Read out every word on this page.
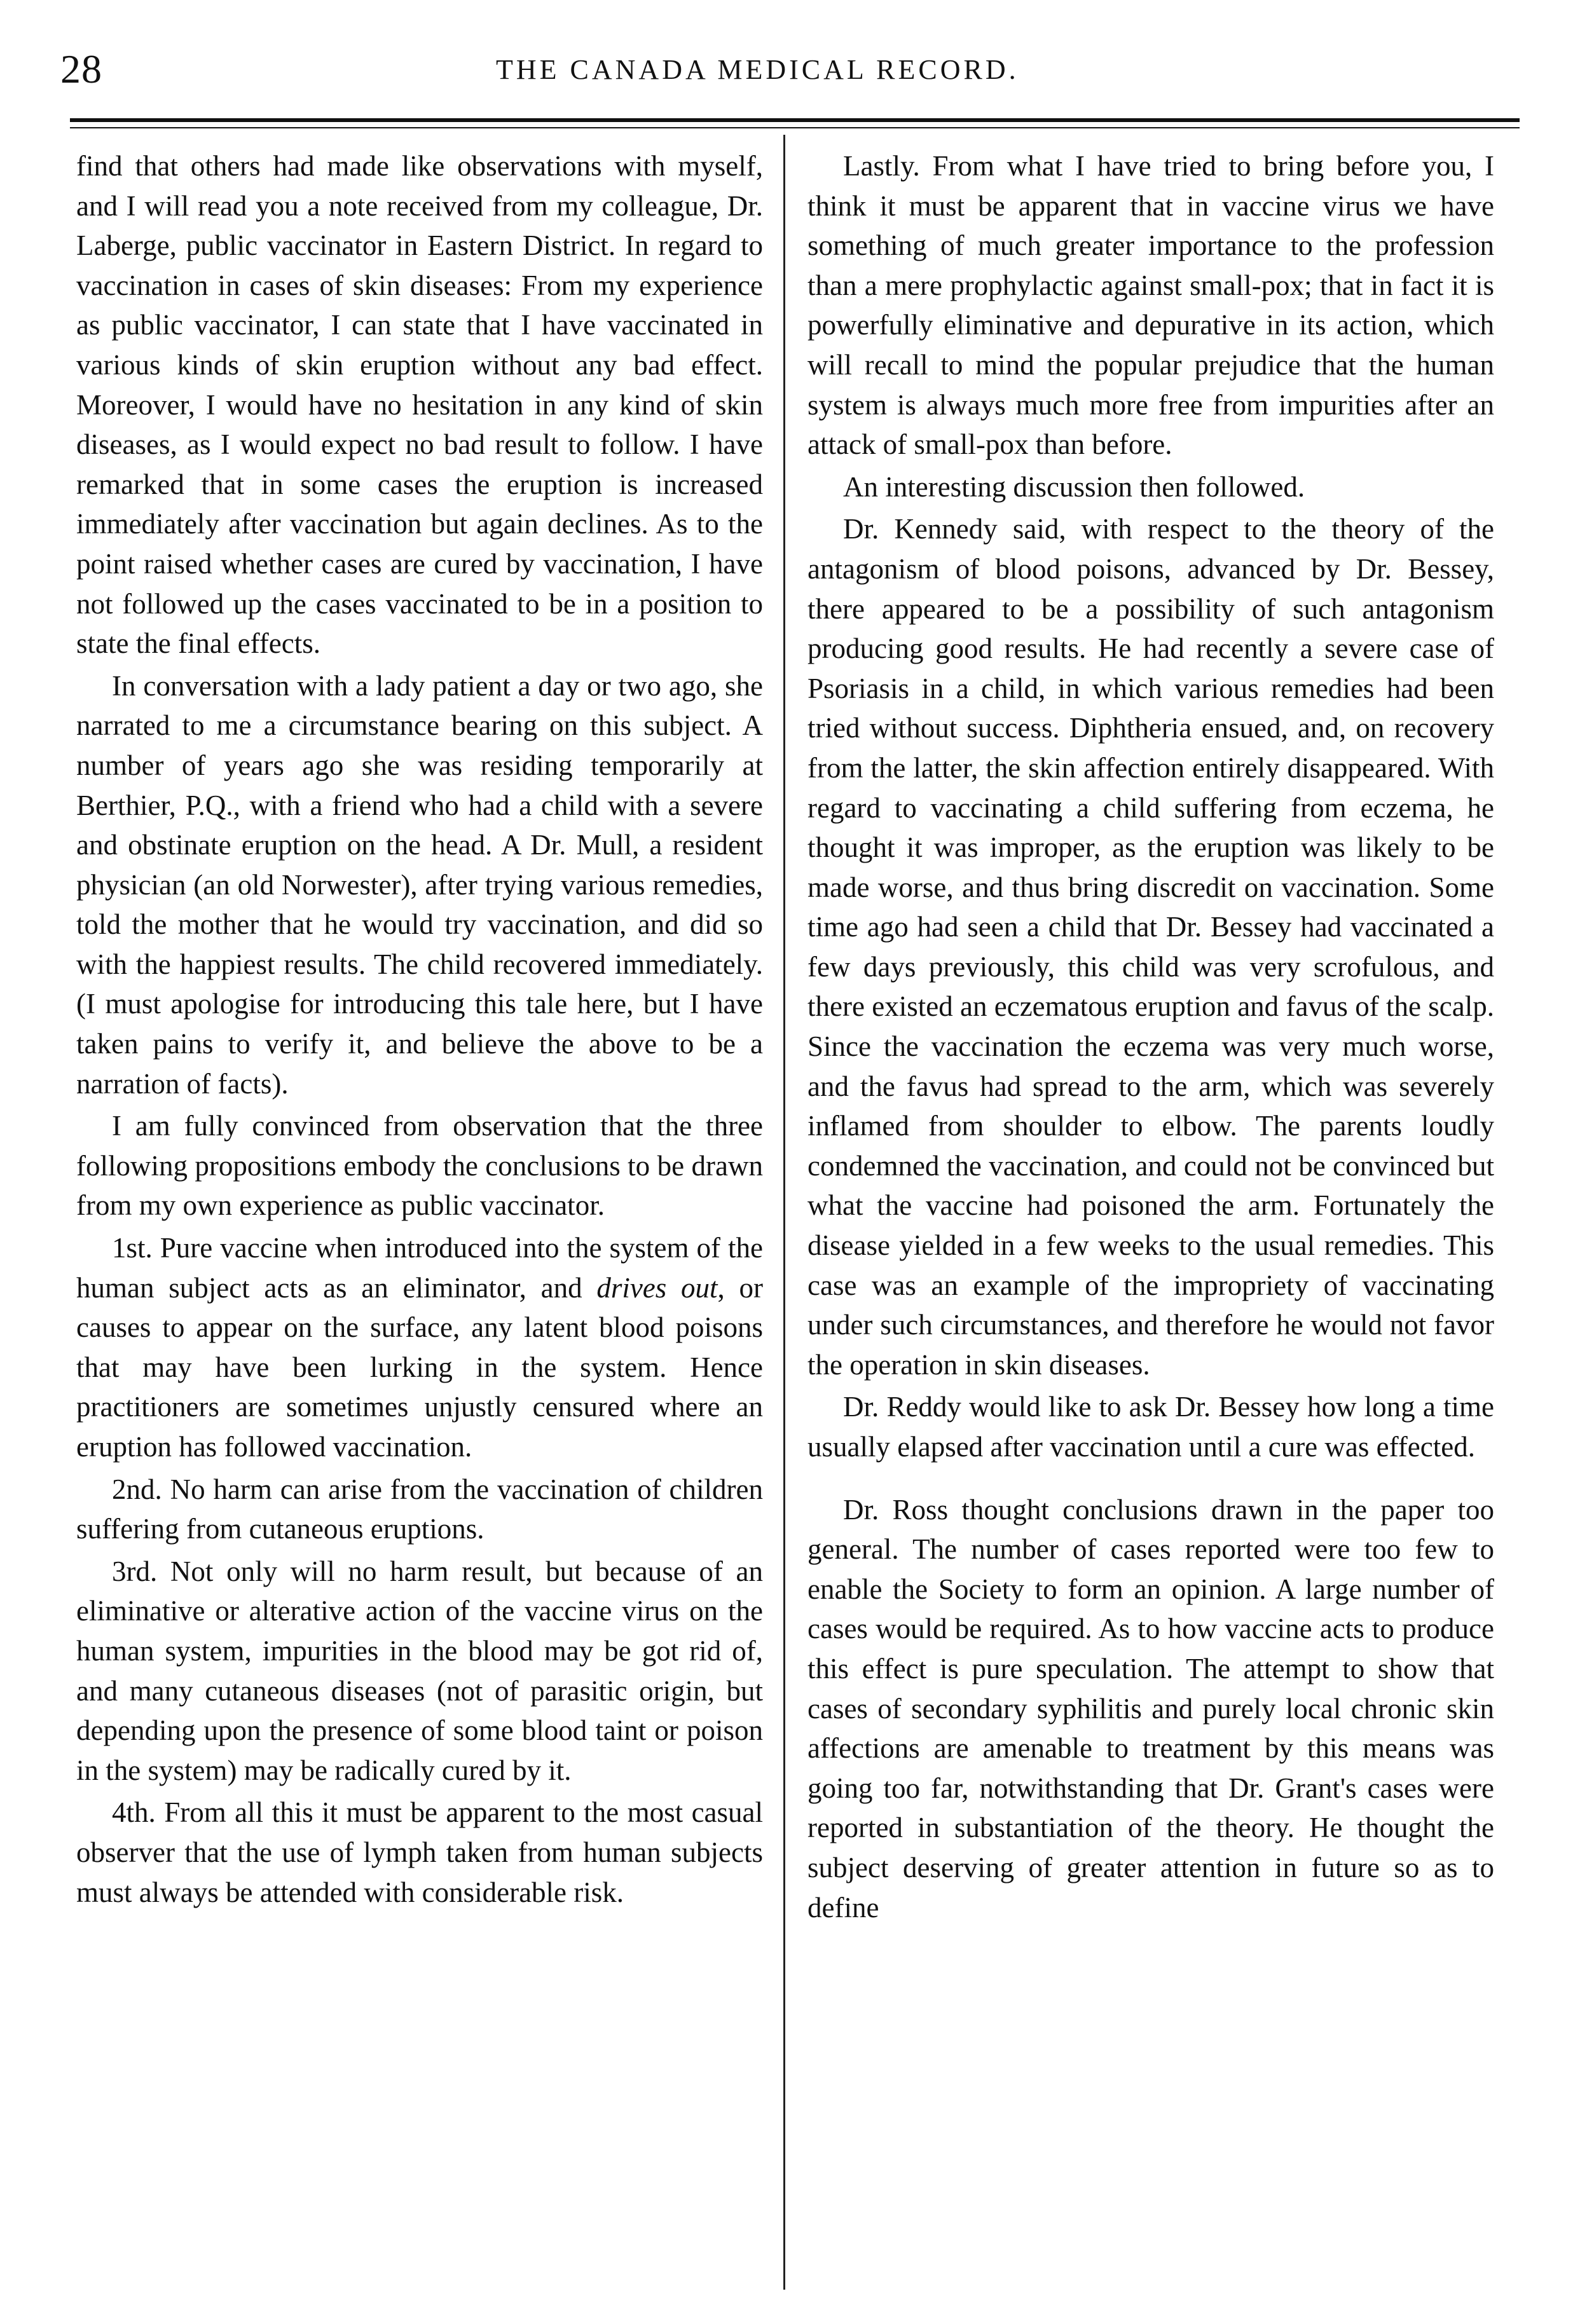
28	THE CANADA MEDICAL RECORD.

find that others had made like observations with myself, and I will read you a note received from my colleague, Dr. Laberge, public vaccinator in Eastern District. In regard to vaccination in cases of skin diseases: From my experience as public vaccinator, I can state that I have vaccinated in various kinds of skin eruption without any bad effect. Moreover, I would have no hesitation in any kind of skin diseases, as I would expect no bad result to follow. I have remarked that in some cases the eruption is increased immediately after vaccination but again declines. As to the point raised whether cases are cured by vaccination, I have not followed up the cases vaccinated to be in a position to state the final effects.

In conversation with a lady patient a day or two ago, she narrated to me a circumstance bearing on this subject. A number of years ago she was residing temporarily at Berthier, P.Q., with a friend who had a child with a severe and obstinate eruption on the head. A Dr. Mull, a resident physician (an old Norwester), after trying various remedies, told the mother that he would try vaccination, and did so with the happiest results. The child recovered immediately. (I must apologise for introducing this tale here, but I have taken pains to verify it, and believe the above to be a narration of facts).

I am fully convinced from observation that the three following propositions embody the conclusions to be drawn from my own experience as public vaccinator.

1st. Pure vaccine when introduced into the system of the human subject acts as an eliminator, and drives out, or causes to appear on the surface, any latent blood poisons that may have been lurking in the system. Hence practitioners are sometimes unjustly censured where an eruption has followed vaccination.

2nd. No harm can arise from the vaccination of children suffering from cutaneous eruptions.

3rd. Not only will no harm result, but because of an eliminative or alterative action of the vaccine virus on the human system, impurities in the blood may be got rid of, and many cutaneous diseases (not of parasitic origin, but depending upon the presence of some blood taint or poison in the system) may be radically cured by it.

4th. From all this it must be apparent to the most casual observer that the use of lymph taken from human subjects must always be attended with considerable risk.

Lastly. From what I have tried to bring before you, I think it must be apparent that in vaccine virus we have something of much greater importance to the profession than a mere prophylactic against small-pox; that in fact it is powerfully eliminative and depurative in its action, which will recall to mind the popular prejudice that the human system is always much more free from impurities after an attack of small-pox than before.

An interesting discussion then followed.

Dr. Kennedy said, with respect to the theory of the antagonism of blood poisons, advanced by Dr. Bessey, there appeared to be a possibility of such antagonism producing good results. He had recently a severe case of Psoriasis in a child, in which various remedies had been tried without success. Diphtheria ensued, and, on recovery from the latter, the skin affection entirely disappeared. With regard to vaccinating a child suffering from eczema, he thought it was improper, as the eruption was likely to be made worse, and thus bring discredit on vaccination. Some time ago had seen a child that Dr. Bessey had vaccinated a few days previously, this child was very scrofulous, and there existed an eczematous eruption and favus of the scalp. Since the vaccination the eczema was very much worse, and the favus had spread to the arm, which was severely inflamed from shoulder to elbow. The parents loudly condemned the vaccination, and could not be convinced but what the vaccine had poisoned the arm. Fortunately the disease yielded in a few weeks to the usual remedies. This case was an example of the impropriety of vaccinating under such circumstances, and therefore he would not favor the operation in skin diseases.

Dr. Reddy would like to ask Dr. Bessey how long a time usually elapsed after vaccination until a cure was effected.

Dr. Ross thought conclusions drawn in the paper too general. The number of cases reported were too few to enable the Society to form an opinion. A large number of cases would be required. As to how vaccine acts to produce this effect is pure speculation. The attempt to show that cases of secondary syphilitis and purely local chronic skin affections are amenable to treatment by this means was going too far, notwithstanding that Dr. Grant's cases were reported in substantiation of the theory. He thought the subject deserving of greater attention in future so as to define
